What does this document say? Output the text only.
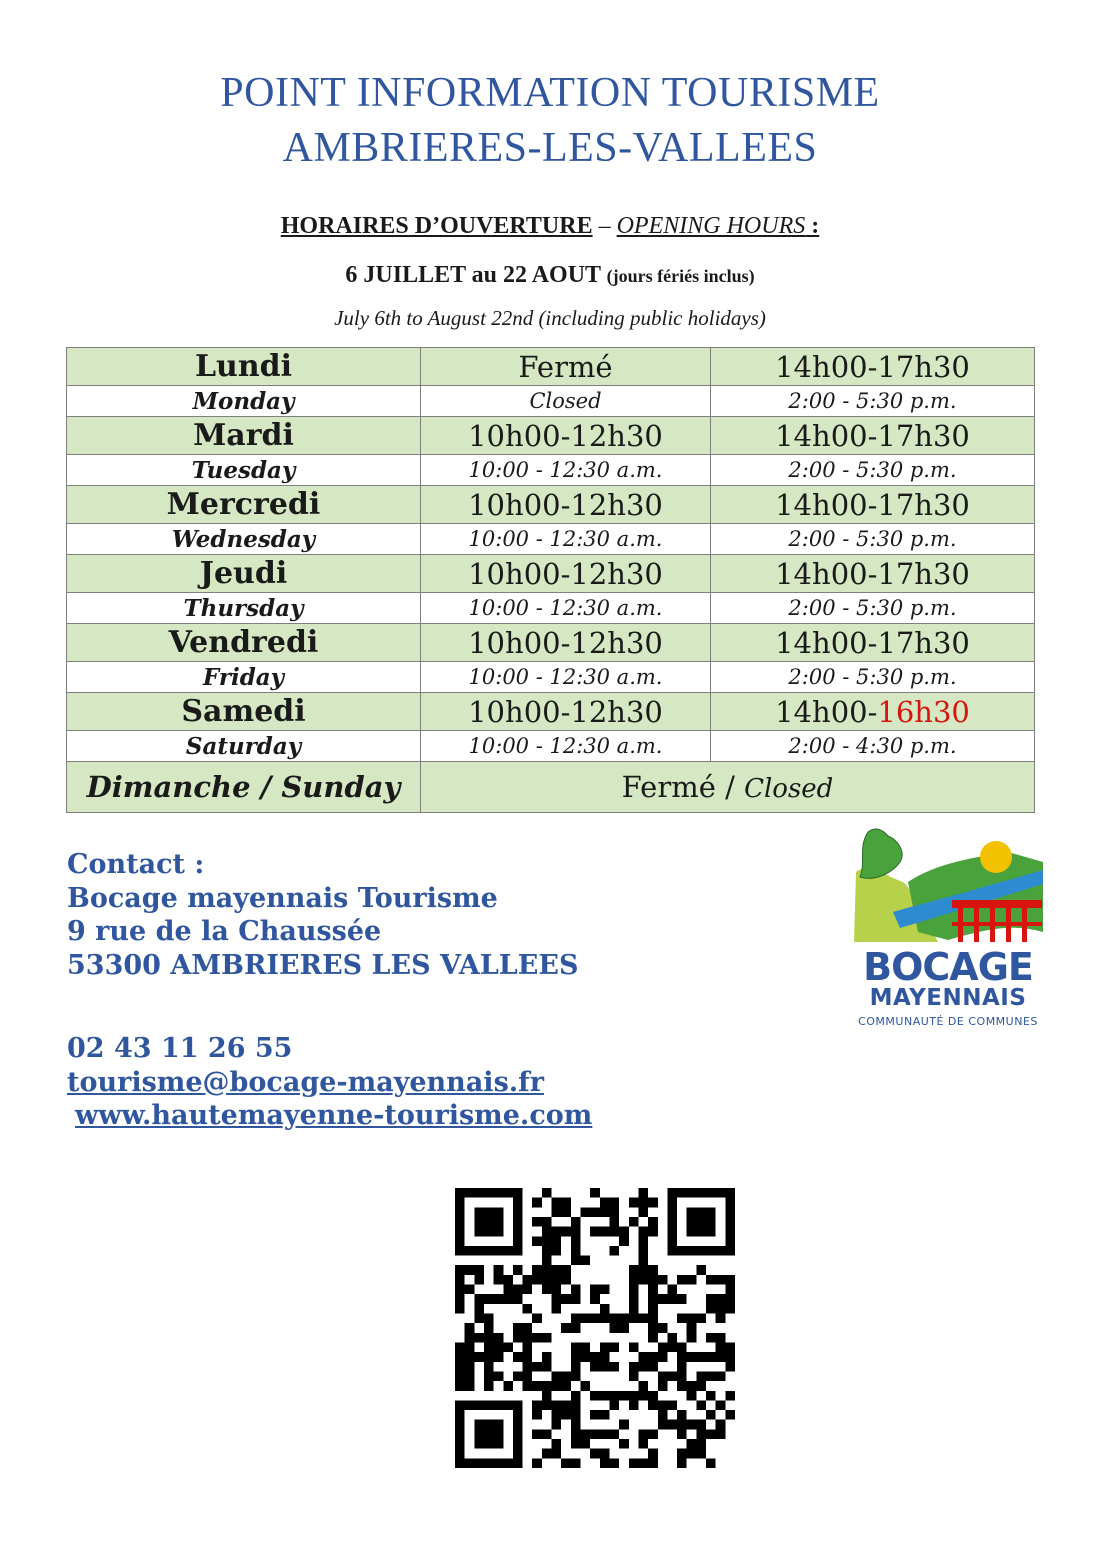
POINT INFORMATION TOURISME
AMBRIERES-LES-VALLEES
HORAIRES D’OUVERTURE – OPENING HOURS :
6 JUILLET au 22 AOUT (jours fériés inclus)
July 6th to August 22nd (including public holidays)
Lundi	Fermé	14h00-17h30
Monday	Closed	2:00 - 5:30 p.m.
Mardi	10h00-12h30	14h00-17h30
Tuesday	10:00 - 12:30 a.m.	2:00 - 5:30 p.m.
Mercredi	10h00-12h30	14h00-17h30
Wednesday	10:00 - 12:30 a.m.	2:00 - 5:30 p.m.
Jeudi	10h00-12h30	14h00-17h30
Thursday	10:00 - 12:30 a.m.	2:00 - 5:30 p.m.
Vendredi	10h00-12h30	14h00-17h30
Friday	10:00 - 12:30 a.m.	2:00 - 5:30 p.m.
Samedi	10h00-12h30	14h00-16h30
Saturday	10:00 - 12:30 a.m.	2:00 - 4:30 p.m.
Dimanche / Sunday	Fermé / Closed	
Contact :
Bocage mayennais Tourisme
9 rue de la Chaussée
53300 AMBRIERES LES VALLEES
02 43 11 26 55
tourisme@bocage-mayennais.fr
www.hautemayenne-tourisme.com
BOCAGE
MAYENNAIS
COMMUNAUTÉ DE COMMUNES
